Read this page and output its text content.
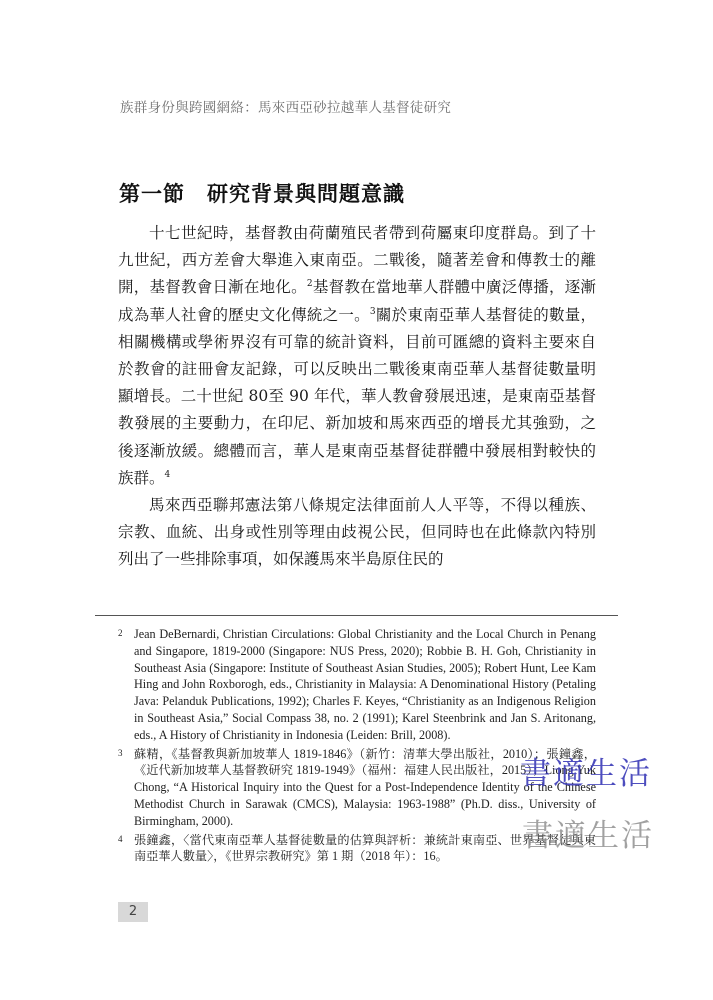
族群身份與跨國網絡：馬來西亞砂拉越華人基督徒研究
第一節 研究背景與問題意識

十七世紀時，基督教由荷蘭殖民者帶到荷屬東印度群島。到了十九世紀，西方差會大舉進入東南亞。二戰後，隨著差會和傳教士的離開，基督教會日漸在地化。$^2$基督教在當地華人群體中廣泛傳播，逐漸成為華人社會的歷史文化傳統之一。$^3$關於東南亞華人基督徒的數量，相關機構或學術界沒有可靠的統計資料，目前可匯總的資料主要來自於教會的註冊會友記錄，可以反映出二戰後東南亞華人基督徒數量明顯增長。二十世紀 80至 90 年代，華人教會發展迅速，是東南亞基督教發展的主要動力，在印尼、新加坡和馬來西亞的增長尤其強勁，之後逐漸放緩。總體而言，華人是東南亞基督徒群體中發展相對較快的族群。$^4$

馬來西亞聯邦憲法第八條規定法律面前人人平等，不得以種族、宗教、血統、出身或性別等理由歧視公民，但同時也在此條款內特別列出了一些排除事項，如保護馬來半島原住民的

2 Jean DeBernardi, Christian Circulations: Global Christianity and the Local Church in Penang and Singapore, 1819-2000 (Singapore: NUS Press, 2020); Robbie B. H. Goh, Christianity in Southeast Asia (Singapore: Institute of Southeast Asian Studies, 2005); Robert Hunt, Lee Kam Hing and John Roxborogh, eds., Christianity in Malaysia: A Denominational History (Petaling Java: Pelanduk Publications, 1992); Charles F. Keyes, “Christianity as an Indigenous Religion in Southeast Asia,” Social Compass 38, no. 2 (1991); Karel Steenbrink and Jan S. Aritonang, eds., A History of Christianity in Indonesia (Leiden: Brill, 2008).
3 蘇精，《基督教與新加坡華人 1819-1846》（新竹：清華大學出版社，2010）；張鐘鑫，《近代新加坡華人基督教研究 1819-1949》（福州：福建人民出版社，2015）；Liong Yuk Chong, “A Historical Inquiry into the Quest for a Post-Independence Identity of the Chinese Methodist Church in Sarawak (CMCS), Malaysia: 1963-1988” (Ph.D. diss., University of Birmingham, 2000).
4 張鐘鑫，〈當代東南亞華人基督徒數量的估算與評析：兼統計東南亞、世界基督徒與東南亞華人數量〉，《世界宗教研究》第 1 期（2018 年）：16。
書適生活
書適生活
2
